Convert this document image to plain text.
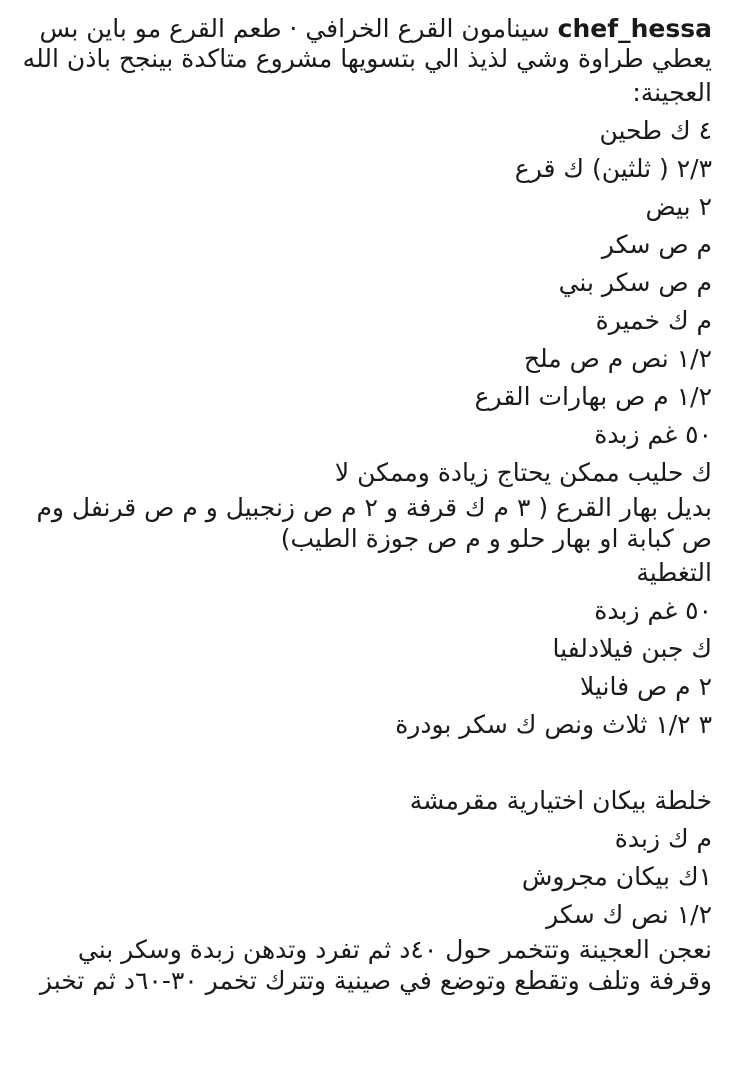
chef_hessa سينامون القرع الخرافي · طعم القرع مو باين بس يعطي طراوة وشي لذيذ الي بتسويها مشروع متاكدة بينجح باذن الله

العجينة:

٤ ك طحين

٢/٣ ( ثلثين) ك قرع

٢ بيض

م ص سكر

م ص سكر بني

م ك خميرة

١/٢ نص م ص ملح

١/٢ م ص بهارات القرع

٥٠ غم زبدة

ك حليب ممكن يحتاج زيادة وممكن لا

بديل بهار القرع ( ٣ م ك قرفة و ٢ م ص زنجبيل و م ص قرنفل وم ص كبابة او بهار حلو و م ص جوزة الطيب)

التغطية

٥٠ غم زبدة

ك جبن فيلادلفيا

٢ م ص فانيلا

٣ ١/٢ ثلاث ونص ك سكر بودرة

خلطة بيكان اختيارية مقرمشة

م ك زبدة

١ك بيكان مجروش

١/٢ نص ك سكر

نعجن العجينة وتتخمر حول ٤٠د ثم تفرد وتدهن زبدة وسكر بني وقرفة وتلف وتقطع وتوضع في صينية وتترك تخمر ٣٠-٦٠د ثم تخبز
